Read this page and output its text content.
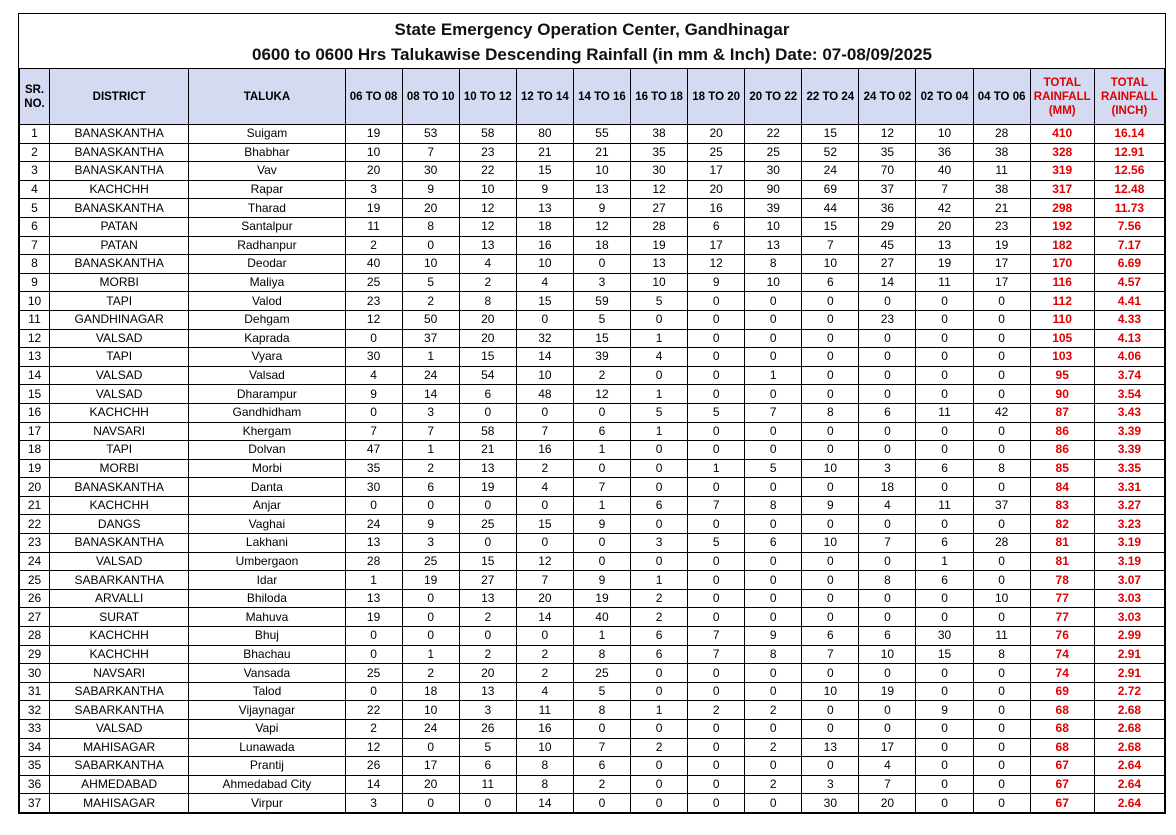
State Emergency Operation Center, Gandhinagar
0600 to 0600 Hrs Talukawise Descending Rainfall (in mm & Inch) Date: 07-08/09/2025
SR. NO.	DISTRICT	TALUKA	06 TO 08	08 TO 10	10 TO 12	12 TO 14	14 TO 16	16 TO 18	18 TO 20	20 TO 22	22 TO 24	24 TO 02	02 TO 04	04 TO 06	TOTAL RAINFALL (MM)	TOTAL RAINFALL (INCH)
1	BANASKANTHA	Suigam	19	53	58	80	55	38	20	22	15	12	10	28	410	16.14
2	BANASKANTHA	Bhabhar	10	7	23	21	21	35	25	25	52	35	36	38	328	12.91
3	BANASKANTHA	Vav	20	30	22	15	10	30	17	30	24	70	40	11	319	12.56
4	KACHCHH	Rapar	3	9	10	9	13	12	20	90	69	37	7	38	317	12.48
5	BANASKANTHA	Tharad	19	20	12	13	9	27	16	39	44	36	42	21	298	11.73
6	PATAN	Santalpur	11	8	12	18	12	28	6	10	15	29	20	23	192	7.56
7	PATAN	Radhanpur	2	0	13	16	18	19	17	13	7	45	13	19	182	7.17
8	BANASKANTHA	Deodar	40	10	4	10	0	13	12	8	10	27	19	17	170	6.69
9	MORBI	Maliya	25	5	2	4	3	10	9	10	6	14	11	17	116	4.57
10	TAPI	Valod	23	2	8	15	59	5	0	0	0	0	0	0	112	4.41
11	GANDHINAGAR	Dehgam	12	50	20	0	5	0	0	0	0	23	0	0	110	4.33
12	VALSAD	Kaprada	0	37	20	32	15	1	0	0	0	0	0	0	105	4.13
13	TAPI	Vyara	30	1	15	14	39	4	0	0	0	0	0	0	103	4.06
14	VALSAD	Valsad	4	24	54	10	2	0	0	1	0	0	0	0	95	3.74
15	VALSAD	Dharampur	9	14	6	48	12	1	0	0	0	0	0	0	90	3.54
16	KACHCHH	Gandhidham	0	3	0	0	0	5	5	7	8	6	11	42	87	3.43
17	NAVSARI	Khergam	7	7	58	7	6	1	0	0	0	0	0	0	86	3.39
18	TAPI	Dolvan	47	1	21	16	1	0	0	0	0	0	0	0	86	3.39
19	MORBI	Morbi	35	2	13	2	0	0	1	5	10	3	6	8	85	3.35
20	BANASKANTHA	Danta	30	6	19	4	7	0	0	0	0	18	0	0	84	3.31
21	KACHCHH	Anjar	0	0	0	0	1	6	7	8	9	4	11	37	83	3.27
22	DANGS	Vaghai	24	9	25	15	9	0	0	0	0	0	0	0	82	3.23
23	BANASKANTHA	Lakhani	13	3	0	0	0	3	5	6	10	7	6	28	81	3.19
24	VALSAD	Umbergaon	28	25	15	12	0	0	0	0	0	0	1	0	81	3.19
25	SABARKANTHA	Idar	1	19	27	7	9	1	0	0	0	8	6	0	78	3.07
26	ARVALLI	Bhiloda	13	0	13	20	19	2	0	0	0	0	0	10	77	3.03
27	SURAT	Mahuva	19	0	2	14	40	2	0	0	0	0	0	0	77	3.03
28	KACHCHH	Bhuj	0	0	0	0	1	6	7	9	6	6	30	11	76	2.99
29	KACHCHH	Bhachau	0	1	2	2	8	6	7	8	7	10	15	8	74	2.91
30	NAVSARI	Vansada	25	2	20	2	25	0	0	0	0	0	0	0	74	2.91
31	SABARKANTHA	Talod	0	18	13	4	5	0	0	0	10	19	0	0	69	2.72
32	SABARKANTHA	Vijaynagar	22	10	3	11	8	1	2	2	0	0	9	0	68	2.68
33	VALSAD	Vapi	2	24	26	16	0	0	0	0	0	0	0	0	68	2.68
34	MAHISAGAR	Lunawada	12	0	5	10	7	2	0	2	13	17	0	0	68	2.68
35	SABARKANTHA	Prantij	26	17	6	8	6	0	0	0	0	4	0	0	67	2.64
36	AHMEDABAD	Ahmedabad City	14	20	11	8	2	0	0	2	3	7	0	0	67	2.64
37	MAHISAGAR	Virpur	3	0	0	14	0	0	0	0	30	20	0	0	67	2.64
